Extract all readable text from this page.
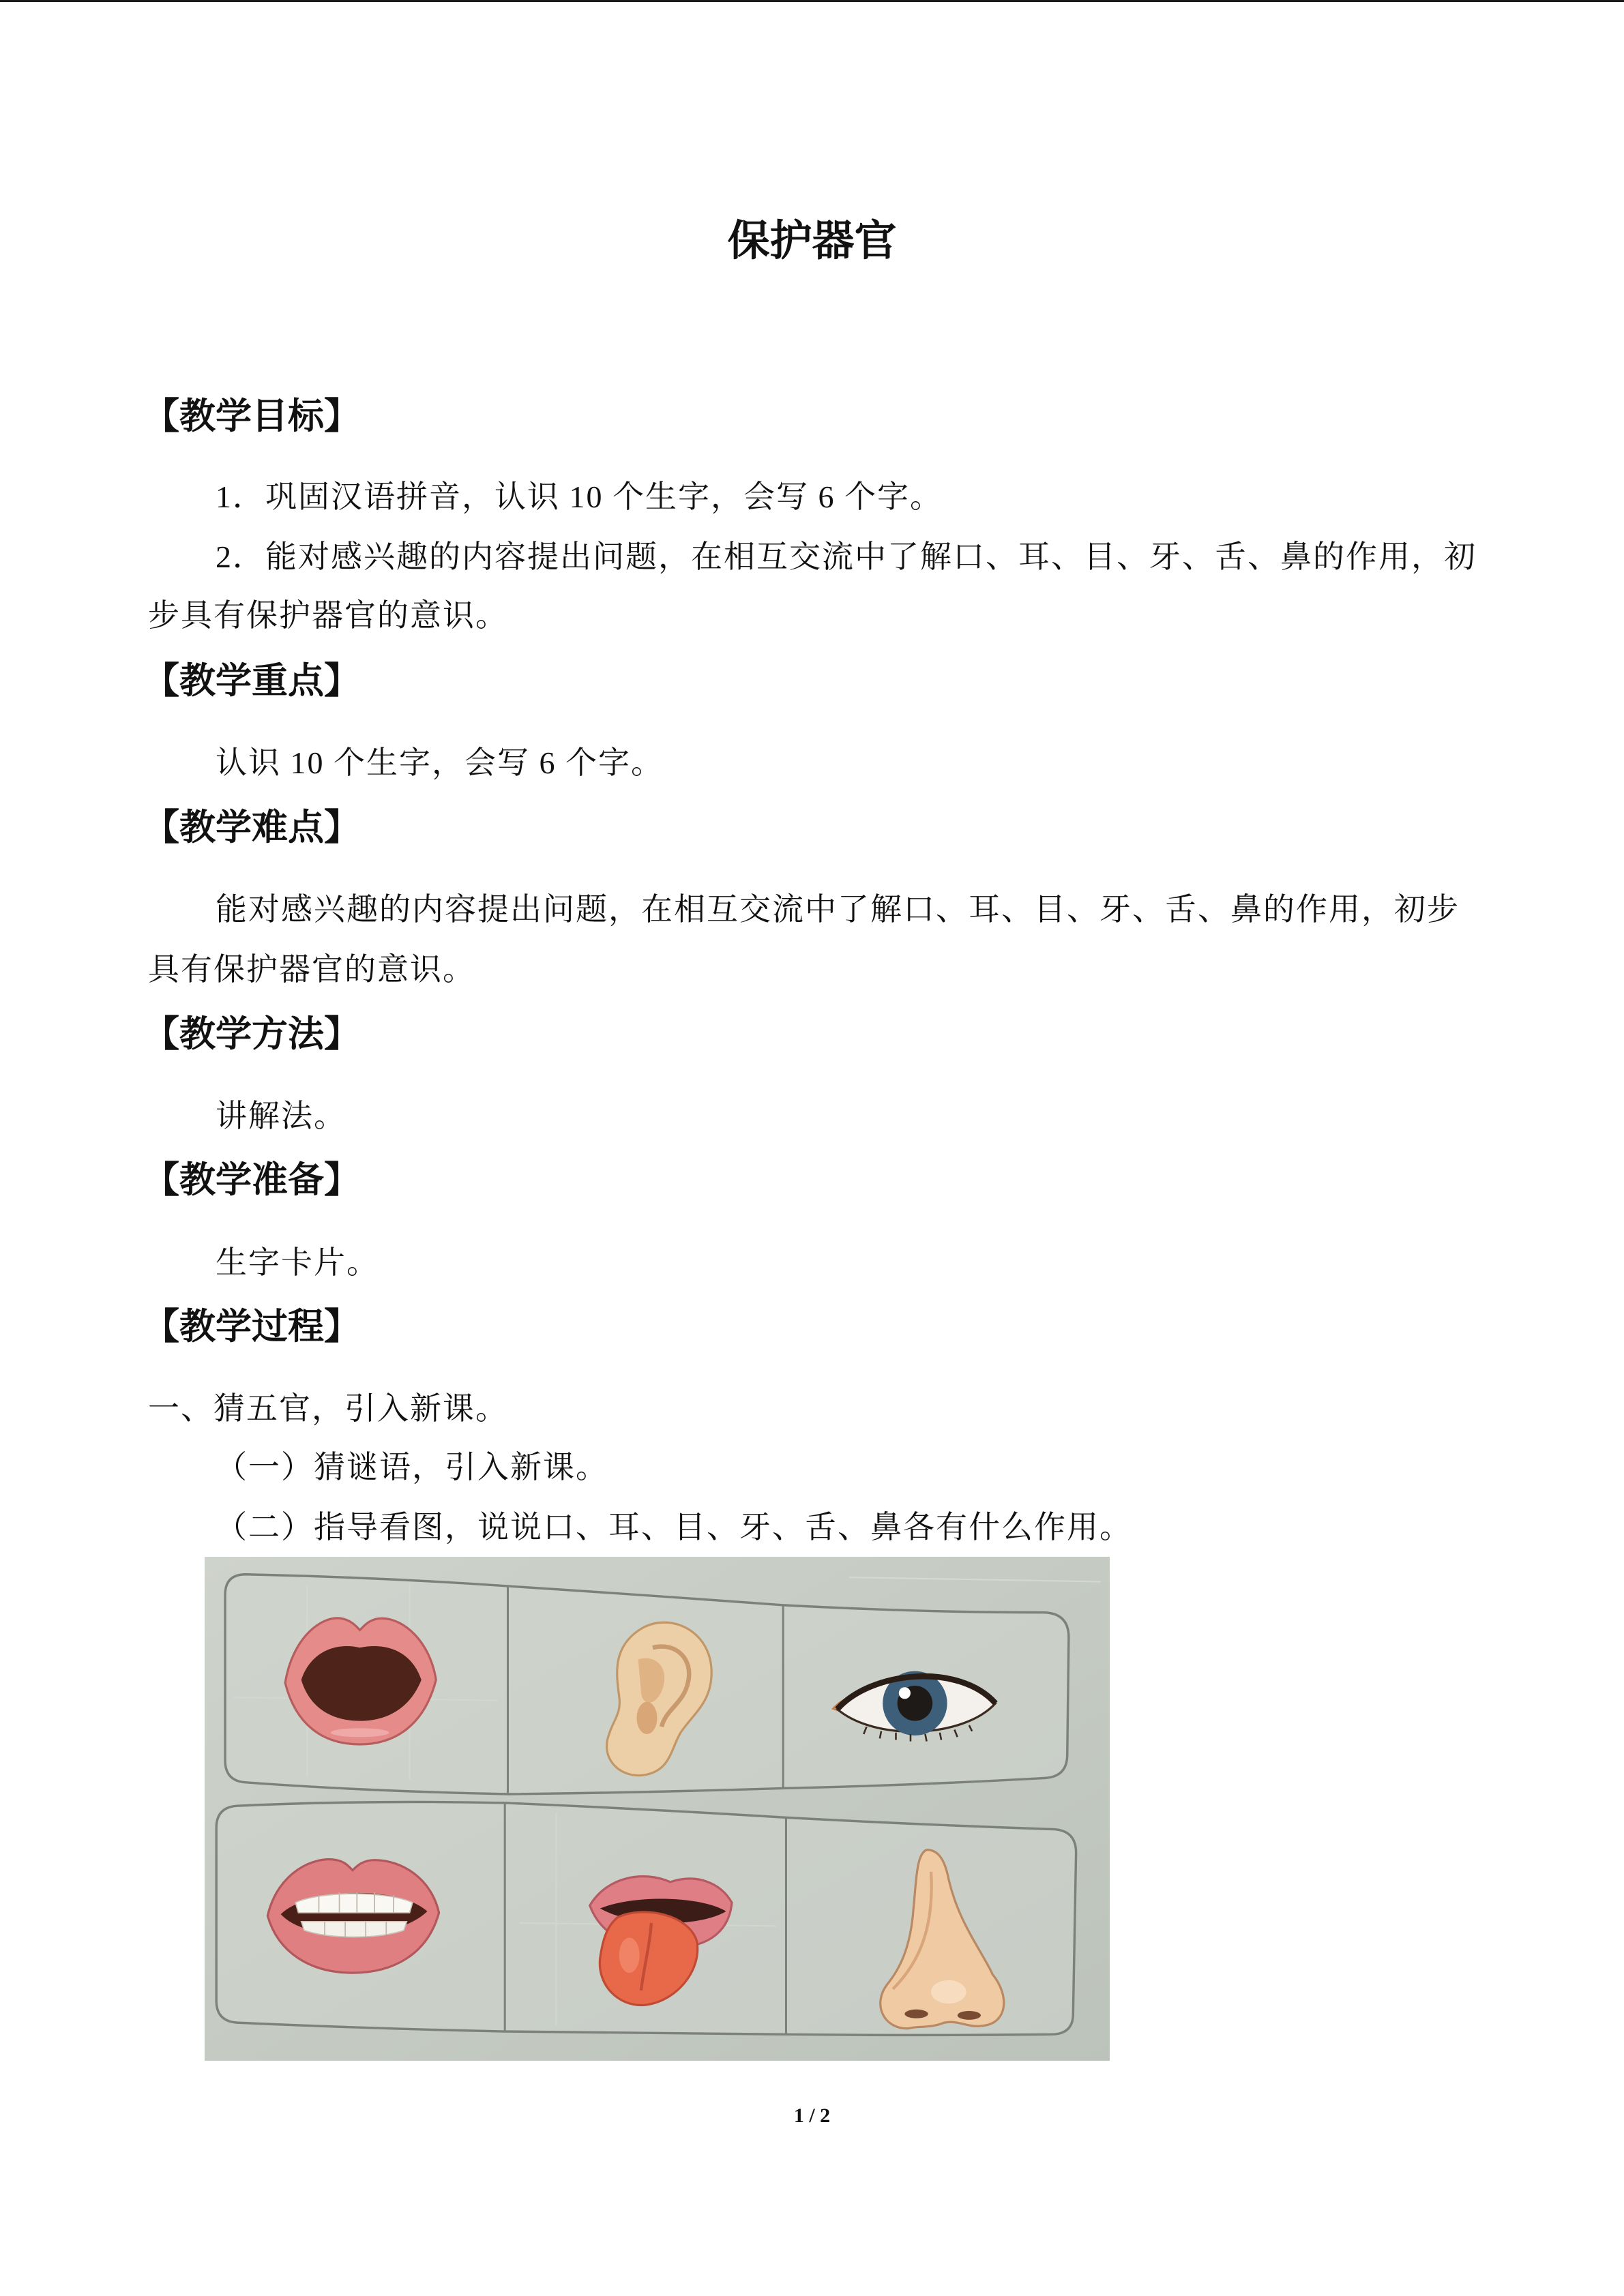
保护器官
【教学目标】
1．巩固汉语拼音，认识 10 个生字，会写 6 个字。
2．能对感兴趣的内容提出问题，在相互交流中了解口、耳、目、牙、舌、鼻的作用，初
步具有保护器官的意识。
【教学重点】
认识 10 个生字，会写 6 个字。
【教学难点】
能对感兴趣的内容提出问题，在相互交流中了解口、耳、目、牙、舌、鼻的作用，初步
具有保护器官的意识。
【教学方法】
讲解法。
【教学准备】
生字卡片。
【教学过程】
一、猜五官，引入新课。
（一）猜谜语，引入新课。
（二）指导看图，说说口、耳、目、牙、舌、鼻各有什么作用。
1 / 2
